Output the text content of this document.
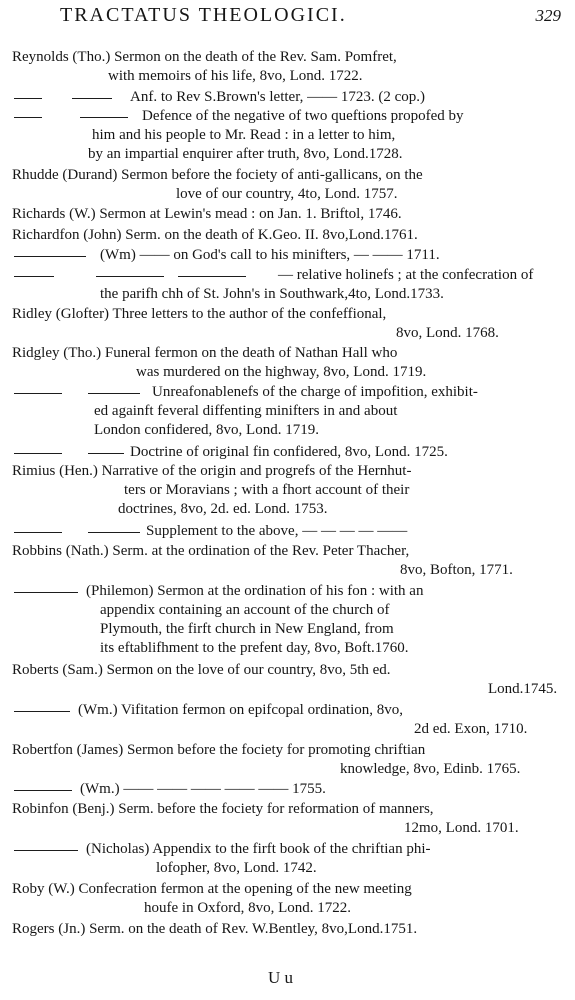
TRACTATUS THEOLOGICI.	329
Reynolds (Tho.) Sermon on the death of the Rev. Sam. Pomfret,
with memoirs of his life, 8vo, Lond. 1722.
Anf. to Rev S.Brown's letter, —— 1723. (2 cop.)
Defence of the negative of two queftions propofed by
him and his people to Mr. Read : in a letter to him,
by an impartial enquirer after truth, 8vo, Lond.1728.
Rhudde (Durand) Sermon before the fociety of anti-gallicans, on the
love of our country, 4to, Lond. 1757.
Richards (W.) Sermon at Lewin's mead : on Jan. 1. Briftol, 1746.
Richardfon (John) Serm. on the death of K.Geo. II. 8vo,Lond.1761.
(Wm) —— on God's call to his minifters, — —— 1711.
— relative holinefs ; at the confecration of
the parifh chh of St. John's in Southwark,4to, Lond.1733.
Ridley (Glofter) Three letters to the author of the confeffional,
8vo, Lond. 1768.
Ridgley (Tho.) Funeral fermon on the death of Nathan Hall who
was murdered on the highway, 8vo, Lond. 1719.
Unreafonablenefs of the charge of impofition, exhibit-
ed againft feveral diffenting minifters in and about
London confidered, 8vo, Lond. 1719.
Doctrine of original fin confidered, 8vo, Lond. 1725.
Rimius (Hen.) Narrative of the origin and progrefs of the Hernhut-
ters or Moravians ; with a fhort account of their
doctrines, 8vo, 2d. ed. Lond. 1753.
Supplement to the above, — — — — ——
Robbins (Nath.) Serm. at the ordination of the Rev. Peter Thacher,
8vo, Bofton, 1771.
(Philemon) Sermon at the ordination of his fon : with an
appendix containing an account of the church of
Plymouth, the firft church in New England, from
its eftablifhment to the prefent day, 8vo, Boft.1760.
Roberts (Sam.) Sermon on the love of our country, 8vo, 5th ed.
Lond.1745.
(Wm.) Vifitation fermon on epifcopal ordination, 8vo,
2d ed. Exon, 1710.
Robertfon (James) Sermon before the fociety for promoting chriftian
knowledge, 8vo, Edinb. 1765.
(Wm.) —— —— —— —— —— 1755.
Robinfon (Benj.) Serm. before the fociety for reformation of manners,
12mo, Lond. 1701.
(Nicholas) Appendix to the firft book of the chriftian phi-
lofopher, 8vo, Lond. 1742.
Roby (W.) Confecration fermon at the opening of the new meeting
houfe in Oxford, 8vo, Lond. 1722.
Rogers (Jn.) Serm. on the death of Rev. W.Bentley, 8vo,Lond.1751.
U u
